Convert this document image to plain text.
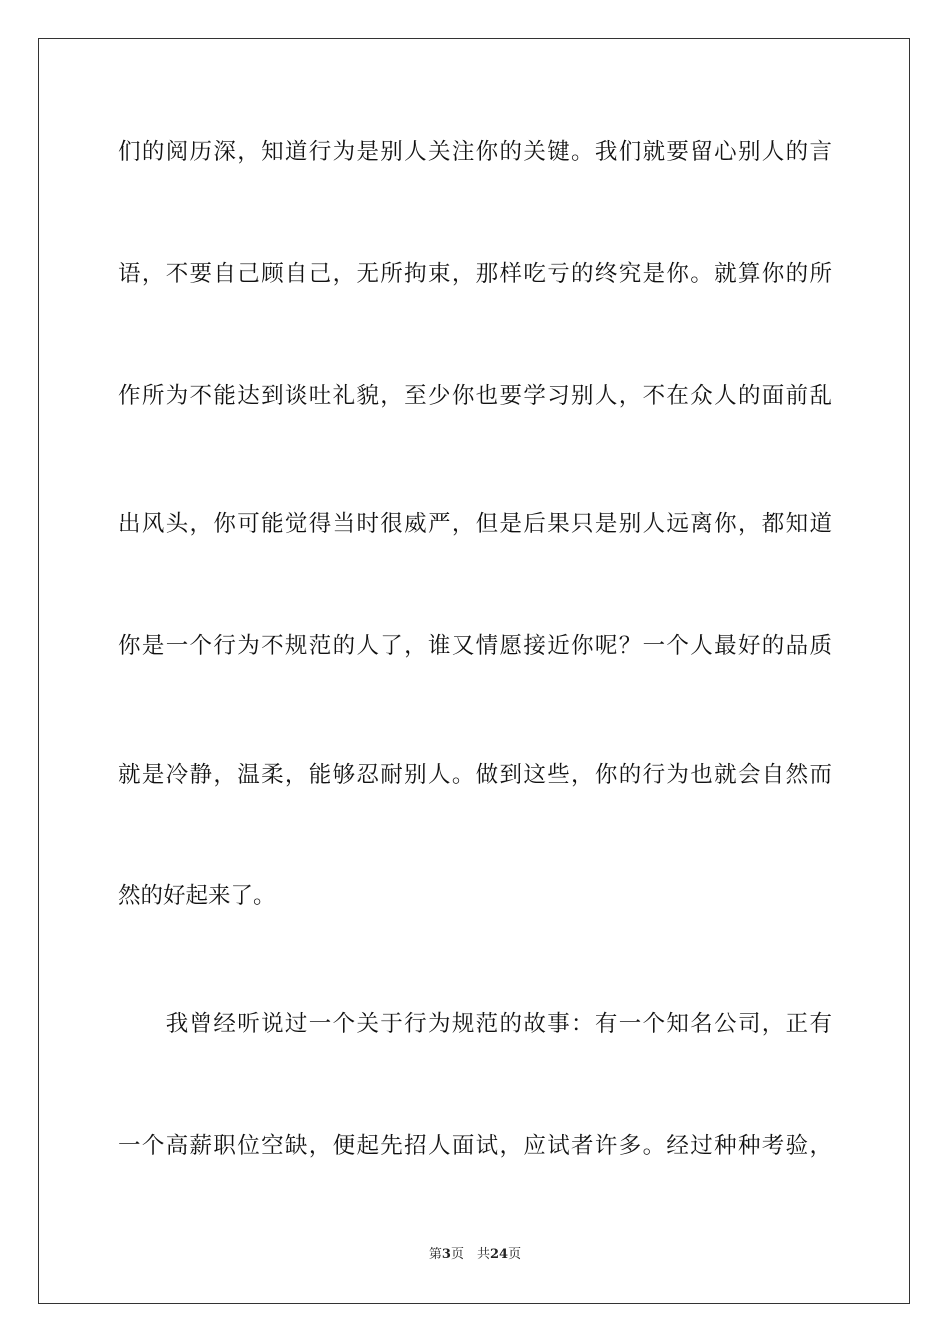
们的阅历深，知道行为是别人关注你的关键。我们就要留心别人的言
语，不要自己顾自己，无所拘束，那样吃亏的终究是你。就算你的所
作所为不能达到谈吐礼貌，至少你也要学习别人，不在众人的面前乱
出风头，你可能觉得当时很威严，但是后果只是别人远离你，都知道
你是一个行为不规范的人了，谁又情愿接近你呢？一个人最好的品质
就是冷静，温柔，能够忍耐别人。做到这些，你的行为也就会自然而
然的好起来了。
　　我曾经听说过一个关于行为规范的故事：有一个知名公司，正有
一个高薪职位空缺，便起先招人面试，应试者许多。经过种种考验，
第3页　共24页
